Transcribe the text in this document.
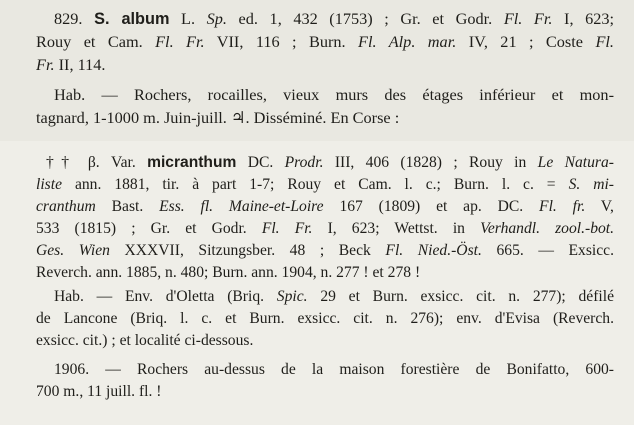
829. S. album L. Sp. ed. 1, 432 (1753) ; Gr. et Godr. Fl. Fr. I, 623;
Rouy et Cam. Fl. Fr. VII, 116 ; Burn. Fl. Alp. mar. IV, 21 ; Coste Fl.
Fr. II, 114.
Hab. — Rochers, rocailles, vieux murs des étages inférieur et mon-
tagnard, 1-1000 m. Juin-juill. ♃. Disséminé. En Corse :
†† β. Var. micranthum DC. Prodr. III, 406 (1828) ; Rouy in Le Natura-
liste ann. 1881, tir. à part 1-7; Rouy et Cam. l. c.; Burn. l. c. = S. mi-
cranthum Bast. Ess. fl. Maine-et-Loire 167 (1809) et ap. DC. Fl. fr. V,
533 (1815) ; Gr. et Godr. Fl. Fr. I, 623; Wettst. in Verhandl. zool.-bot.
Ges. Wien XXXVII, Sitzungsber. 48 ; Beck Fl. Nied.-Öst. 665. — Exsicc.
Reverch. ann. 1885, n. 480; Burn. ann. 1904, n. 277 ! et 278 !
Hab. — Env. d'Oletta (Briq. Spic. 29 et Burn. exsicc. cit. n. 277); défilé
de Lancone (Briq. l. c. et Burn. exsicc. cit. n. 276); env. d'Evisa (Reverch.
exsicc. cit.) ; et localité ci-dessous.
1906. — Rochers au-dessus de la maison forestière de Bonifatto, 600-
700 m., 11 juill. fl. !
